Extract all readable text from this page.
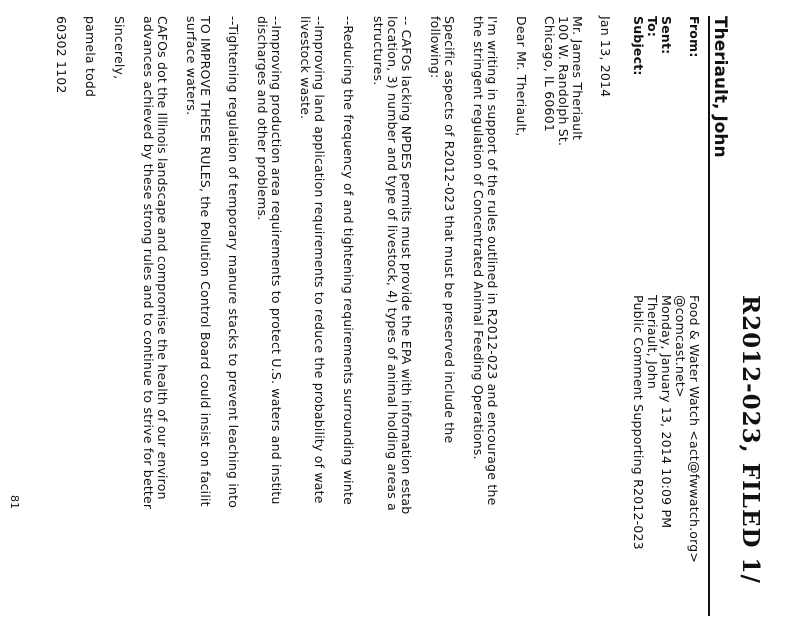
R2012-023, FILED 1/
Theriault, John
From:
Food & Water Watch <act@fwwatch.org>
@comcast.net>
Sent:
Monday, January 13, 2014 10:09 PM
To:
Theriault, John
Subject:
Public Comment Supporting R2012-023
Jan 13, 2014
Mr. James Theriault
100 W. Randolph St.
Chicago, IL 60601
Dear Mr. Theriault,
I'm writing in support of the rules outlined in R2012-023 and encourage the
the stringent regulation of Concentrated Animal Feeding Operations.
Specific aspects of R2012-023 that must be preserved include the
following:
-- CAFOs lacking NPDES permits must provide the EPA with information estab
location, 3) number and type of livestock, 4) types of animal holding areas a
structures.
--Reducing the frequency of and tightening requirements surrounding winte
--Improving land application requirements to reduce the probability of wate
livestock waste.
--Improving production area requirements to protect U.S. waters and institu
discharges and other problems.
--Tightening regulation of temporary manure stacks to prevent leaching into
TO IMPROVE THESE RULES, the Pollution Control Board could insist on facilit
surface waters.
CAFOs dot the Illinois landscape and compromise the health of our environ
advances achieved by these strong rules and to continue to strive for better
Sincerely,
pamela todd
60302 1102
81
